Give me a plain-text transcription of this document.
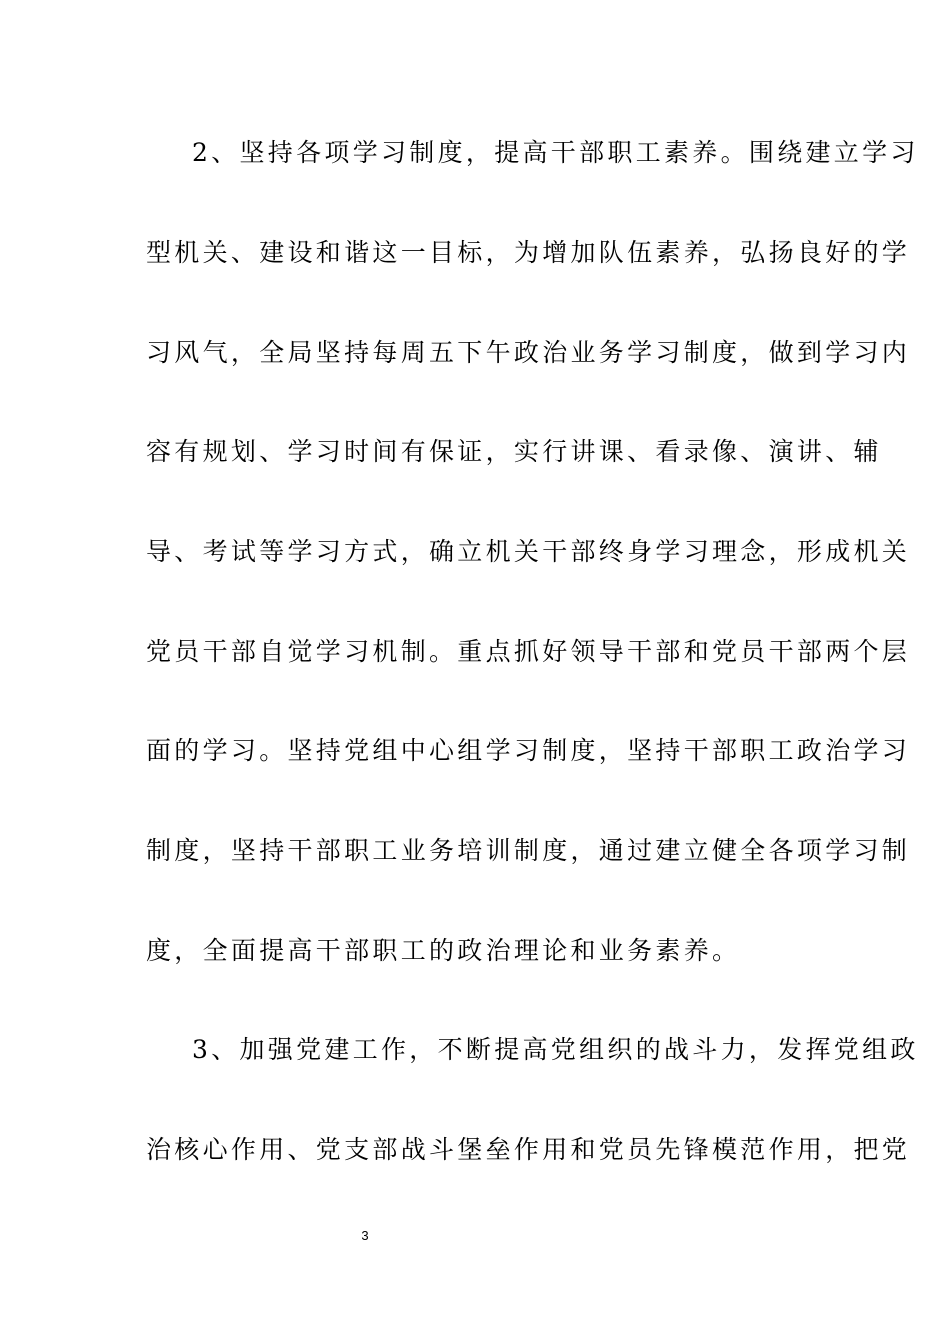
2、坚持各项学习制度，提高干部职工素养。围绕建立学习
型机关、建设和谐这一目标，为增加队伍素养，弘扬良好的学
习风气，全局坚持每周五下午政治业务学习制度，做到学习内
容有规划、学习时间有保证，实行讲课、看录像、演讲、辅
导、考试等学习方式，确立机关干部终身学习理念，形成机关
党员干部自觉学习机制。重点抓好领导干部和党员干部两个层
面的学习。坚持党组中心组学习制度，坚持干部职工政治学习
制度，坚持干部职工业务培训制度，通过建立健全各项学习制
度，全面提高干部职工的政治理论和业务素养。
3、加强党建工作，不断提高党组织的战斗力，发挥党组政
治核心作用、党支部战斗堡垒作用和党员先锋模范作用，把党
3
